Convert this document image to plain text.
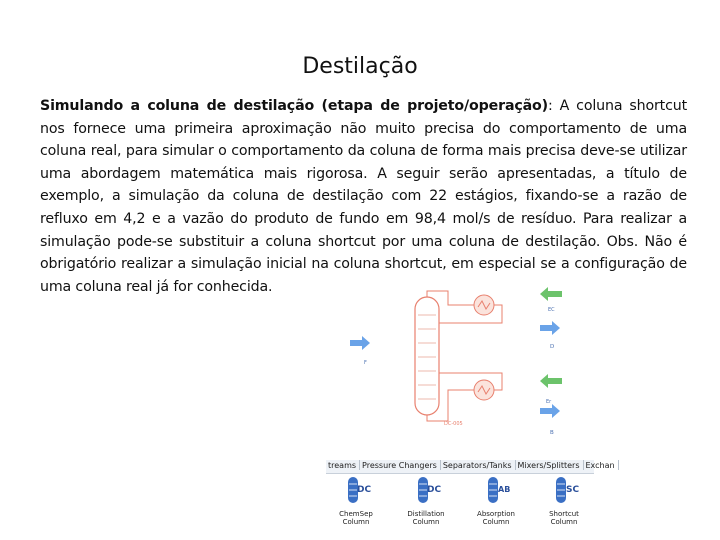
Destilação
Simulando a coluna de destilação (etapa de projeto/operação): A coluna shortcut nos fornece uma primeira aproximação não muito precisa do comportamento de uma coluna real, para simular o comportamento da coluna de forma mais precisa deve-se utilizar uma abordagem matemática mais rigorosa. A seguir serão apresentadas, a título de exemplo, a simulação da coluna de destilação com 22 estágios, fixando-se a razão de refluxo em 4,2 e a vazão do produto de fundo em 98,4 mol/s de resíduo. Para realizar a simulação pode-se substituir a coluna shortcut por uma coluna de destilação. Obs. Não é obrigatório realizar a simulação inicial na coluna shortcut, em especial se a configuração de uma coluna real já for conhecida.
F
EC
D
Er
B
DC-005
treams Pressure Changers Separators/Tanks Mixers/Splitters Exchan
DC
ChemSep
Column
DC
Distillation
Column
AB
Absorption
Column
SC
Shortcut Column
